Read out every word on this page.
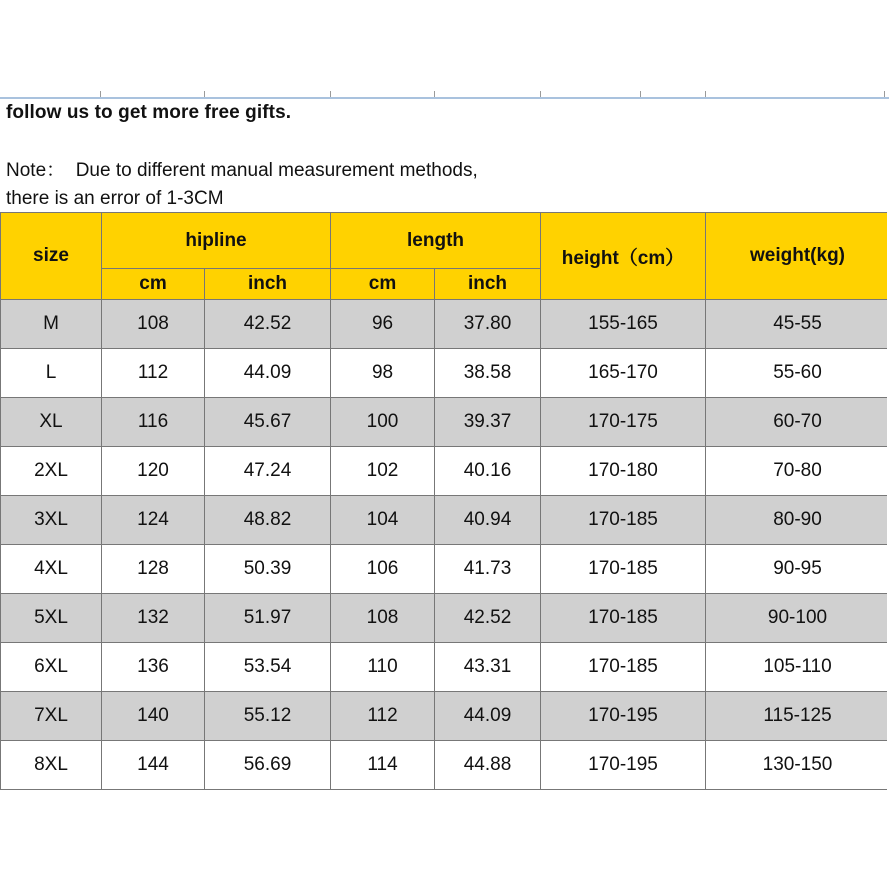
follow us to get more free gifts.
Note：  Due to different manual measurement methods,
there is an error of 1-3CM
size	hipline		length		height（cm）	weight(kg)
	cm	inch	cm	inch		
M	108	42.52	96	37.80	155-165	45-55
L	112	44.09	98	38.58	165-170	55-60
XL	116	45.67	100	39.37	170-175	60-70
2XL	120	47.24	102	40.16	170-180	70-80
3XL	124	48.82	104	40.94	170-185	80-90
4XL	128	50.39	106	41.73	170-185	90-95
5XL	132	51.97	108	42.52	170-185	90-100
6XL	136	53.54	110	43.31	170-185	105-110
7XL	140	55.12	112	44.09	170-195	115-125
8XL	144	56.69	114	44.88	170-195	130-150
